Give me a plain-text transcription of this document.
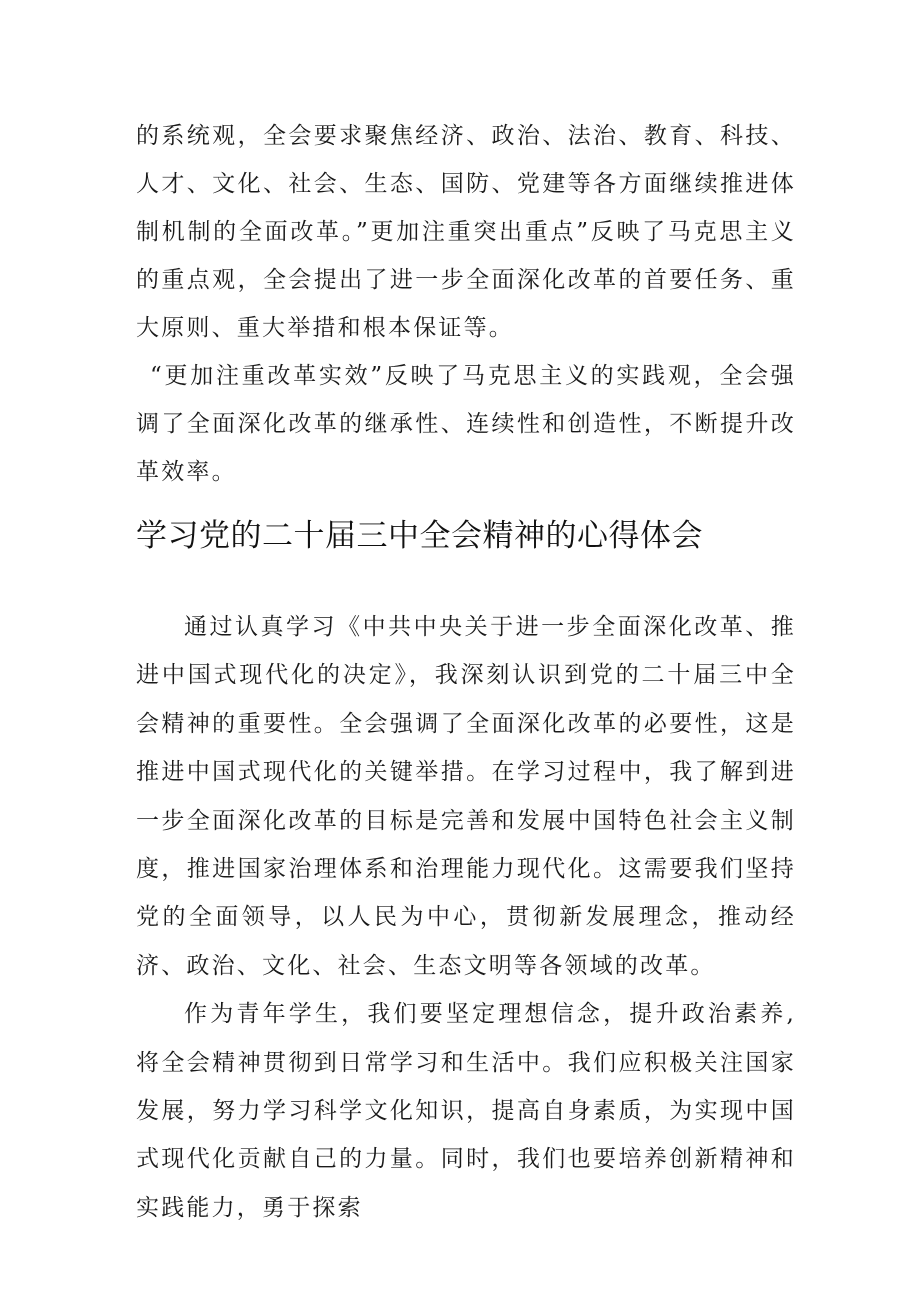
的系统观，全会要求聚焦经济、政治、法治、教育、科技、人才、文化、社会、生态、国防、党建等各方面继续推进体制机制的全面改革。”更加注重突出重点”反映了马克思主义的重点观，全会提出了进一步全面深化改革的首要任务、重大原则、重大举措和根本保证等。

“更加注重改革实效”反映了马克思主义的实践观，全会强调了全面深化改革的继承性、连续性和创造性，不断提升改革效率。

学习党的二十届三中全会精神的心得体会

通过认真学习《中共中央关于进一步全面深化改革、推进中国式现代化的决定》，我深刻认识到党的二十届三中全会精神的重要性。全会强调了全面深化改革的必要性，这是推进中国式现代化的关键举措。在学习过程中，我了解到进一步全面深化改革的目标是完善和发展中国特色社会主义制度，推进国家治理体系和治理能力现代化。这需要我们坚持党的全面领导，以人民为中心，贯彻新发展理念，推动经济、政治、文化、社会、生态文明等各领域的改革。

作为青年学生，我们要坚定理想信念，提升政治素养,将全会精神贯彻到日常学习和生活中。我们应积极关注国家发展，努力学习科学文化知识，提高自身素质，为实现中国式现代化贡献自己的力量。同时，我们也要培养创新精神和实践能力，勇于探索
